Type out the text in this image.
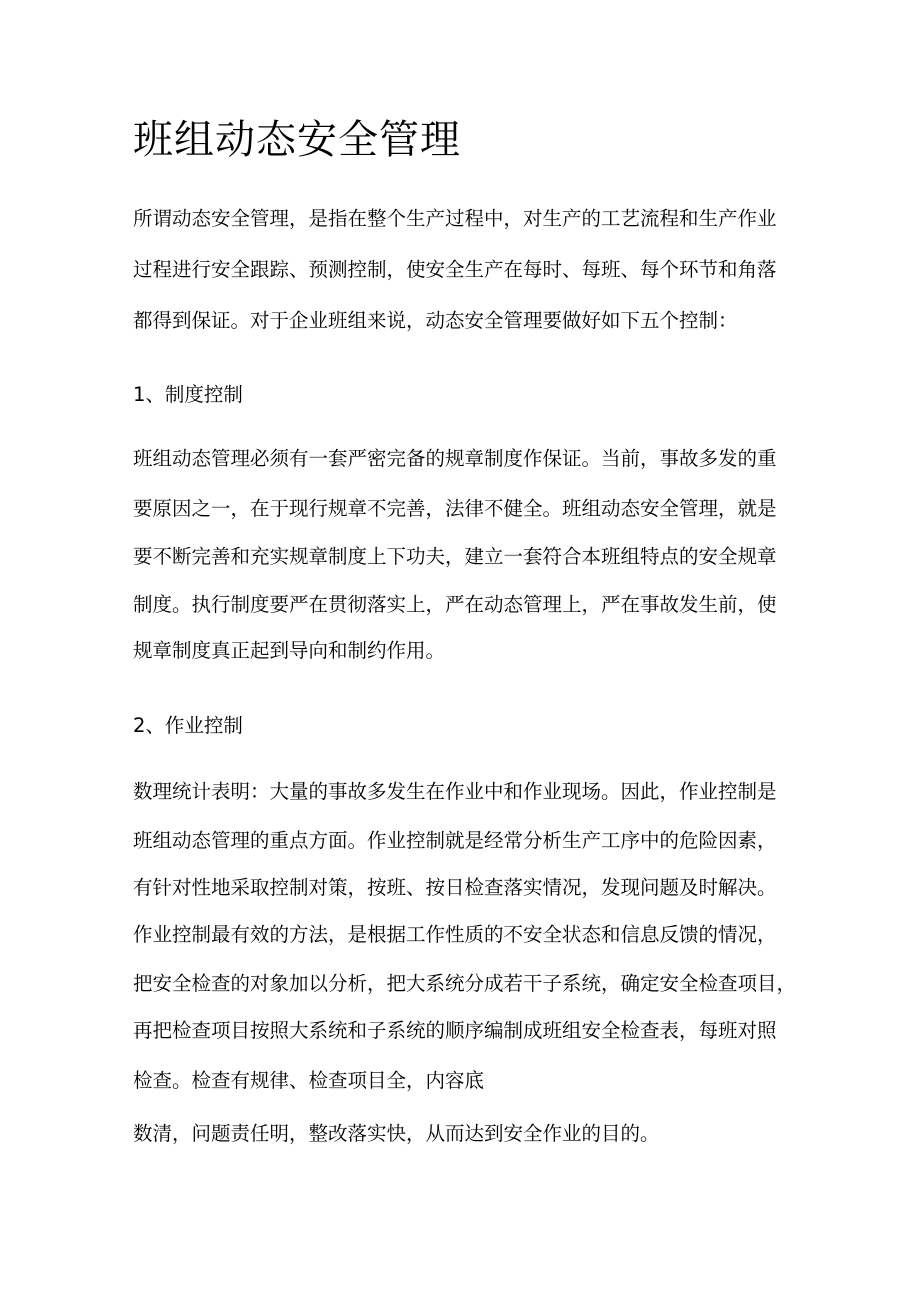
班组动态安全管理

所谓动态安全管理，是指在整个生产过程中，对生产的工艺流程和生产作业

过程进行安全跟踪、预测控制，使安全生产在每时、每班、每个环节和角落

都得到保证。对于企业班组来说，动态安全管理要做好如下五个控制：

1、制度控制

班组动态管理必须有一套严密完备的规章制度作保证。当前，事故多发的重

要原因之一，在于现行规章不完善，法律不健全。班组动态安全管理，就是

要不断完善和充实规章制度上下功夫，建立一套符合本班组特点的安全规章

制度。执行制度要严在贯彻落实上，严在动态管理上，严在事故发生前，使

规章制度真正起到导向和制约作用。

2、作业控制

数理统计表明：大量的事故多发生在作业中和作业现场。因此，作业控制是

班组动态管理的重点方面。作业控制就是经常分析生产工序中的危险因素，

有针对性地采取控制对策，按班、按日检查落实情况，发现问题及时解决。

作业控制最有效的方法，是根据工作性质的不安全状态和信息反馈的情况，

把安全检查的对象加以分析，把大系统分成若干子系统，确定安全检查项目，

再把检查项目按照大系统和子系统的顺序编制成班组安全检查表，每班对照

检查。检查有规律、检查项目全，内容底

数清，问题责任明，整改落实快，从而达到安全作业的目的。
